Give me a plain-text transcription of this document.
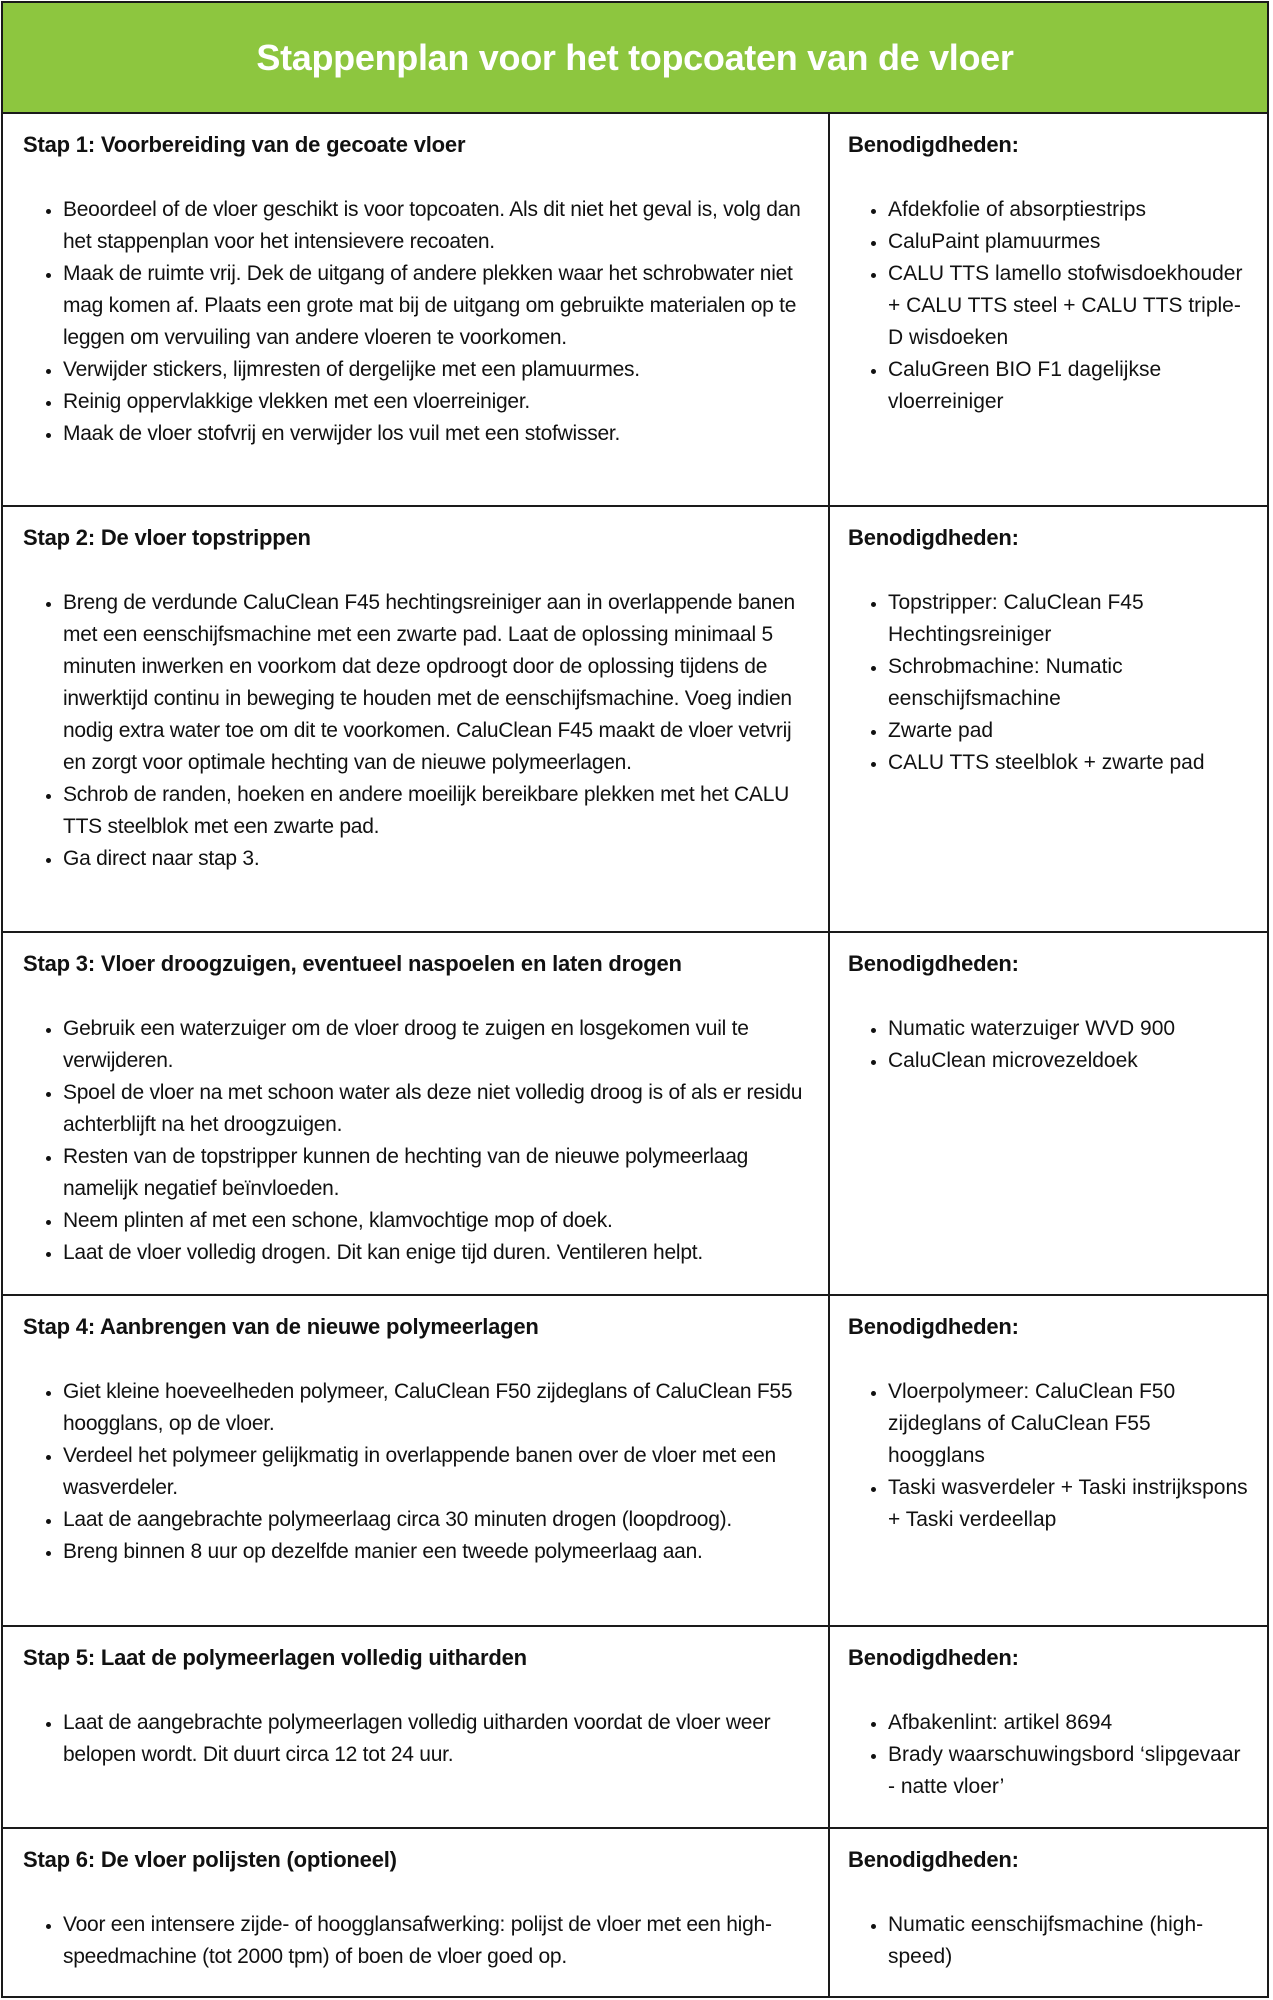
Stappenplan voor het topcoaten van de vloer
Stap 1: Voorbereiding van de gecoate vloer
• Beoordeel of de vloer geschikt is voor topcoaten. Als dit niet het geval is, volg dan het stappenplan voor het intensievere recoaten.
• Maak de ruimte vrij. Dek de uitgang of andere plekken waar het schrobwater niet mag komen af. Plaats een grote mat bij de uitgang om gebruikte materialen op te leggen om vervuiling van andere vloeren te voorkomen.
• Verwijder stickers, lijmresten of dergelijke met een plamuurmes.
• Reinig oppervlakkige vlekken met een vloerreiniger.
• Maak de vloer stofvrij en verwijder los vuil met een stofwisser.
Benodigdheden:
• Afdekfolie of absorptiestrips
• CaluPaint plamuurmes
• CALU TTS lamello stofwisdoekhouder + CALU TTS steel + CALU TTS triple-D wisdoeken
• CaluGreen BIO F1 dagelijkse vloerreiniger
Stap 2: De vloer topstrippen
• Breng de verdunde CaluClean F45 hechtingsreiniger aan in overlappende banen met een eenschijfsmachine met een zwarte pad. Laat de oplossing minimaal 5 minuten inwerken en voorkom dat deze opdroogt door de oplossing tijdens de inwerktijd continu in beweging te houden met de eenschijfsmachine. Voeg indien nodig extra water toe om dit te voorkomen. CaluClean F45 maakt de vloer vetvrij en zorgt voor optimale hechting van de nieuwe polymeerlagen.
• Schrob de randen, hoeken en andere moeilijk bereikbare plekken met het CALU TTS steelblok met een zwarte pad.
• Ga direct naar stap 3.
Benodigdheden:
• Topstripper: CaluClean F45 Hechtingsreiniger
• Schrobmachine: Numatic eenschijfsmachine
• Zwarte pad
• CALU TTS steelblok + zwarte pad
Stap 3: Vloer droogzuigen, eventueel naspoelen en laten drogen
• Gebruik een waterzuiger om de vloer droog te zuigen en losgekomen vuil te verwijderen.
• Spoel de vloer na met schoon water als deze niet volledig droog is of als er residu achterblijft na het droogzuigen.
• Resten van de topstripper kunnen de hechting van de nieuwe polymeerlaag namelijk negatief beïnvloeden.
• Neem plinten af met een schone, klamvochtige mop of doek.
• Laat de vloer volledig drogen. Dit kan enige tijd duren. Ventileren helpt.
Benodigdheden:
• Numatic waterzuiger WVD 900
• CaluClean microvezeldoek
Stap 4: Aanbrengen van de nieuwe polymeerlagen
• Giet kleine hoeveelheden polymeer, CaluClean F50 zijdeglans of CaluClean F55 hoogglans, op de vloer.
• Verdeel het polymeer gelijkmatig in overlappende banen over de vloer met een wasverdeler.
• Laat de aangebrachte polymeerlaag circa 30 minuten drogen (loopdroog).
• Breng binnen 8 uur op dezelfde manier een tweede polymeerlaag aan.
Benodigdheden:
• Vloerpolymeer: CaluClean F50 zijdeglans of CaluClean F55 hoogglans
• Taski wasverdeler + Taski instrijkspons + Taski verdeellap
Stap 5: Laat de polymeerlagen volledig uitharden
• Laat de aangebrachte polymeerlagen volledig uitharden voordat de vloer weer belopen wordt. Dit duurt circa 12 tot 24 uur.
Benodigdheden:
• Afbakenlint: artikel 8694
• Brady waarschuwingsbord ‘slipgevaar - natte vloer’
Stap 6: De vloer polijsten (optioneel)
• Voor een intensere zijde- of hoogglansafwerking: polijst de vloer met een high-speedmachine (tot 2000 tpm) of boen de vloer goed op.
Benodigdheden:
• Numatic eenschijfsmachine (high-speed)
